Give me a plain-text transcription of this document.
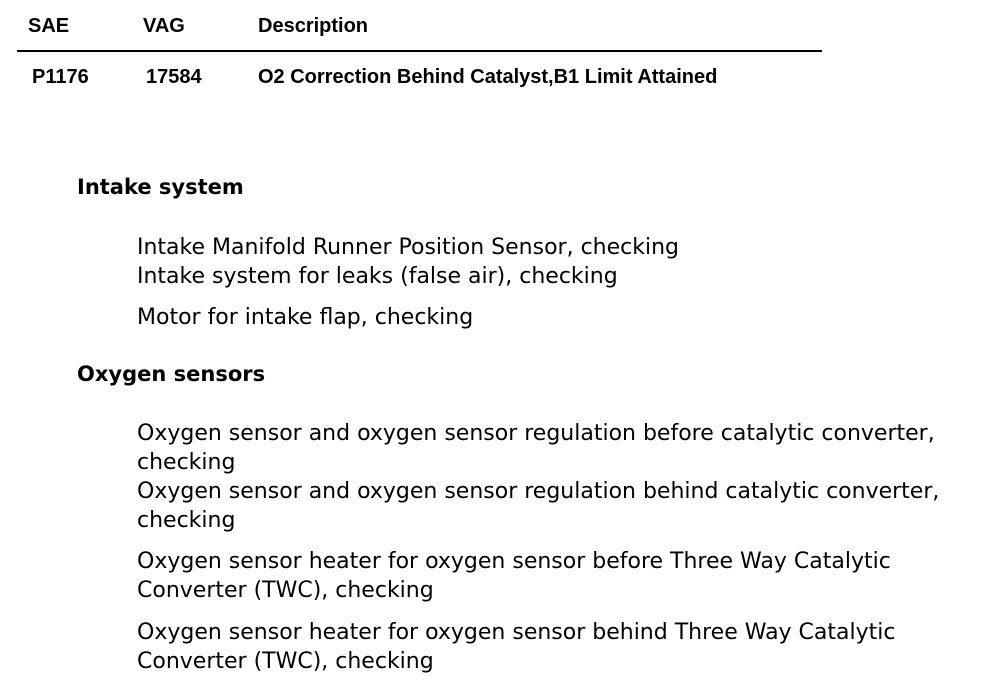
SAE	VAG	Description
P1176	17584	O2 Correction Behind Catalyst,B1 Limit Attained
Intake system

Intake Manifold Runner Position Sensor, checking

Intake system for leaks (false air), checking

Motor for intake flap, checking

Oxygen sensors

Oxygen sensor and oxygen sensor regulation before catalytic converter, checking

Oxygen sensor and oxygen sensor regulation behind catalytic converter, checking

Oxygen sensor heater for oxygen sensor before Three Way Catalytic Converter (TWC), checking

Oxygen sensor heater for oxygen sensor behind Three Way Catalytic Converter (TWC), checking
